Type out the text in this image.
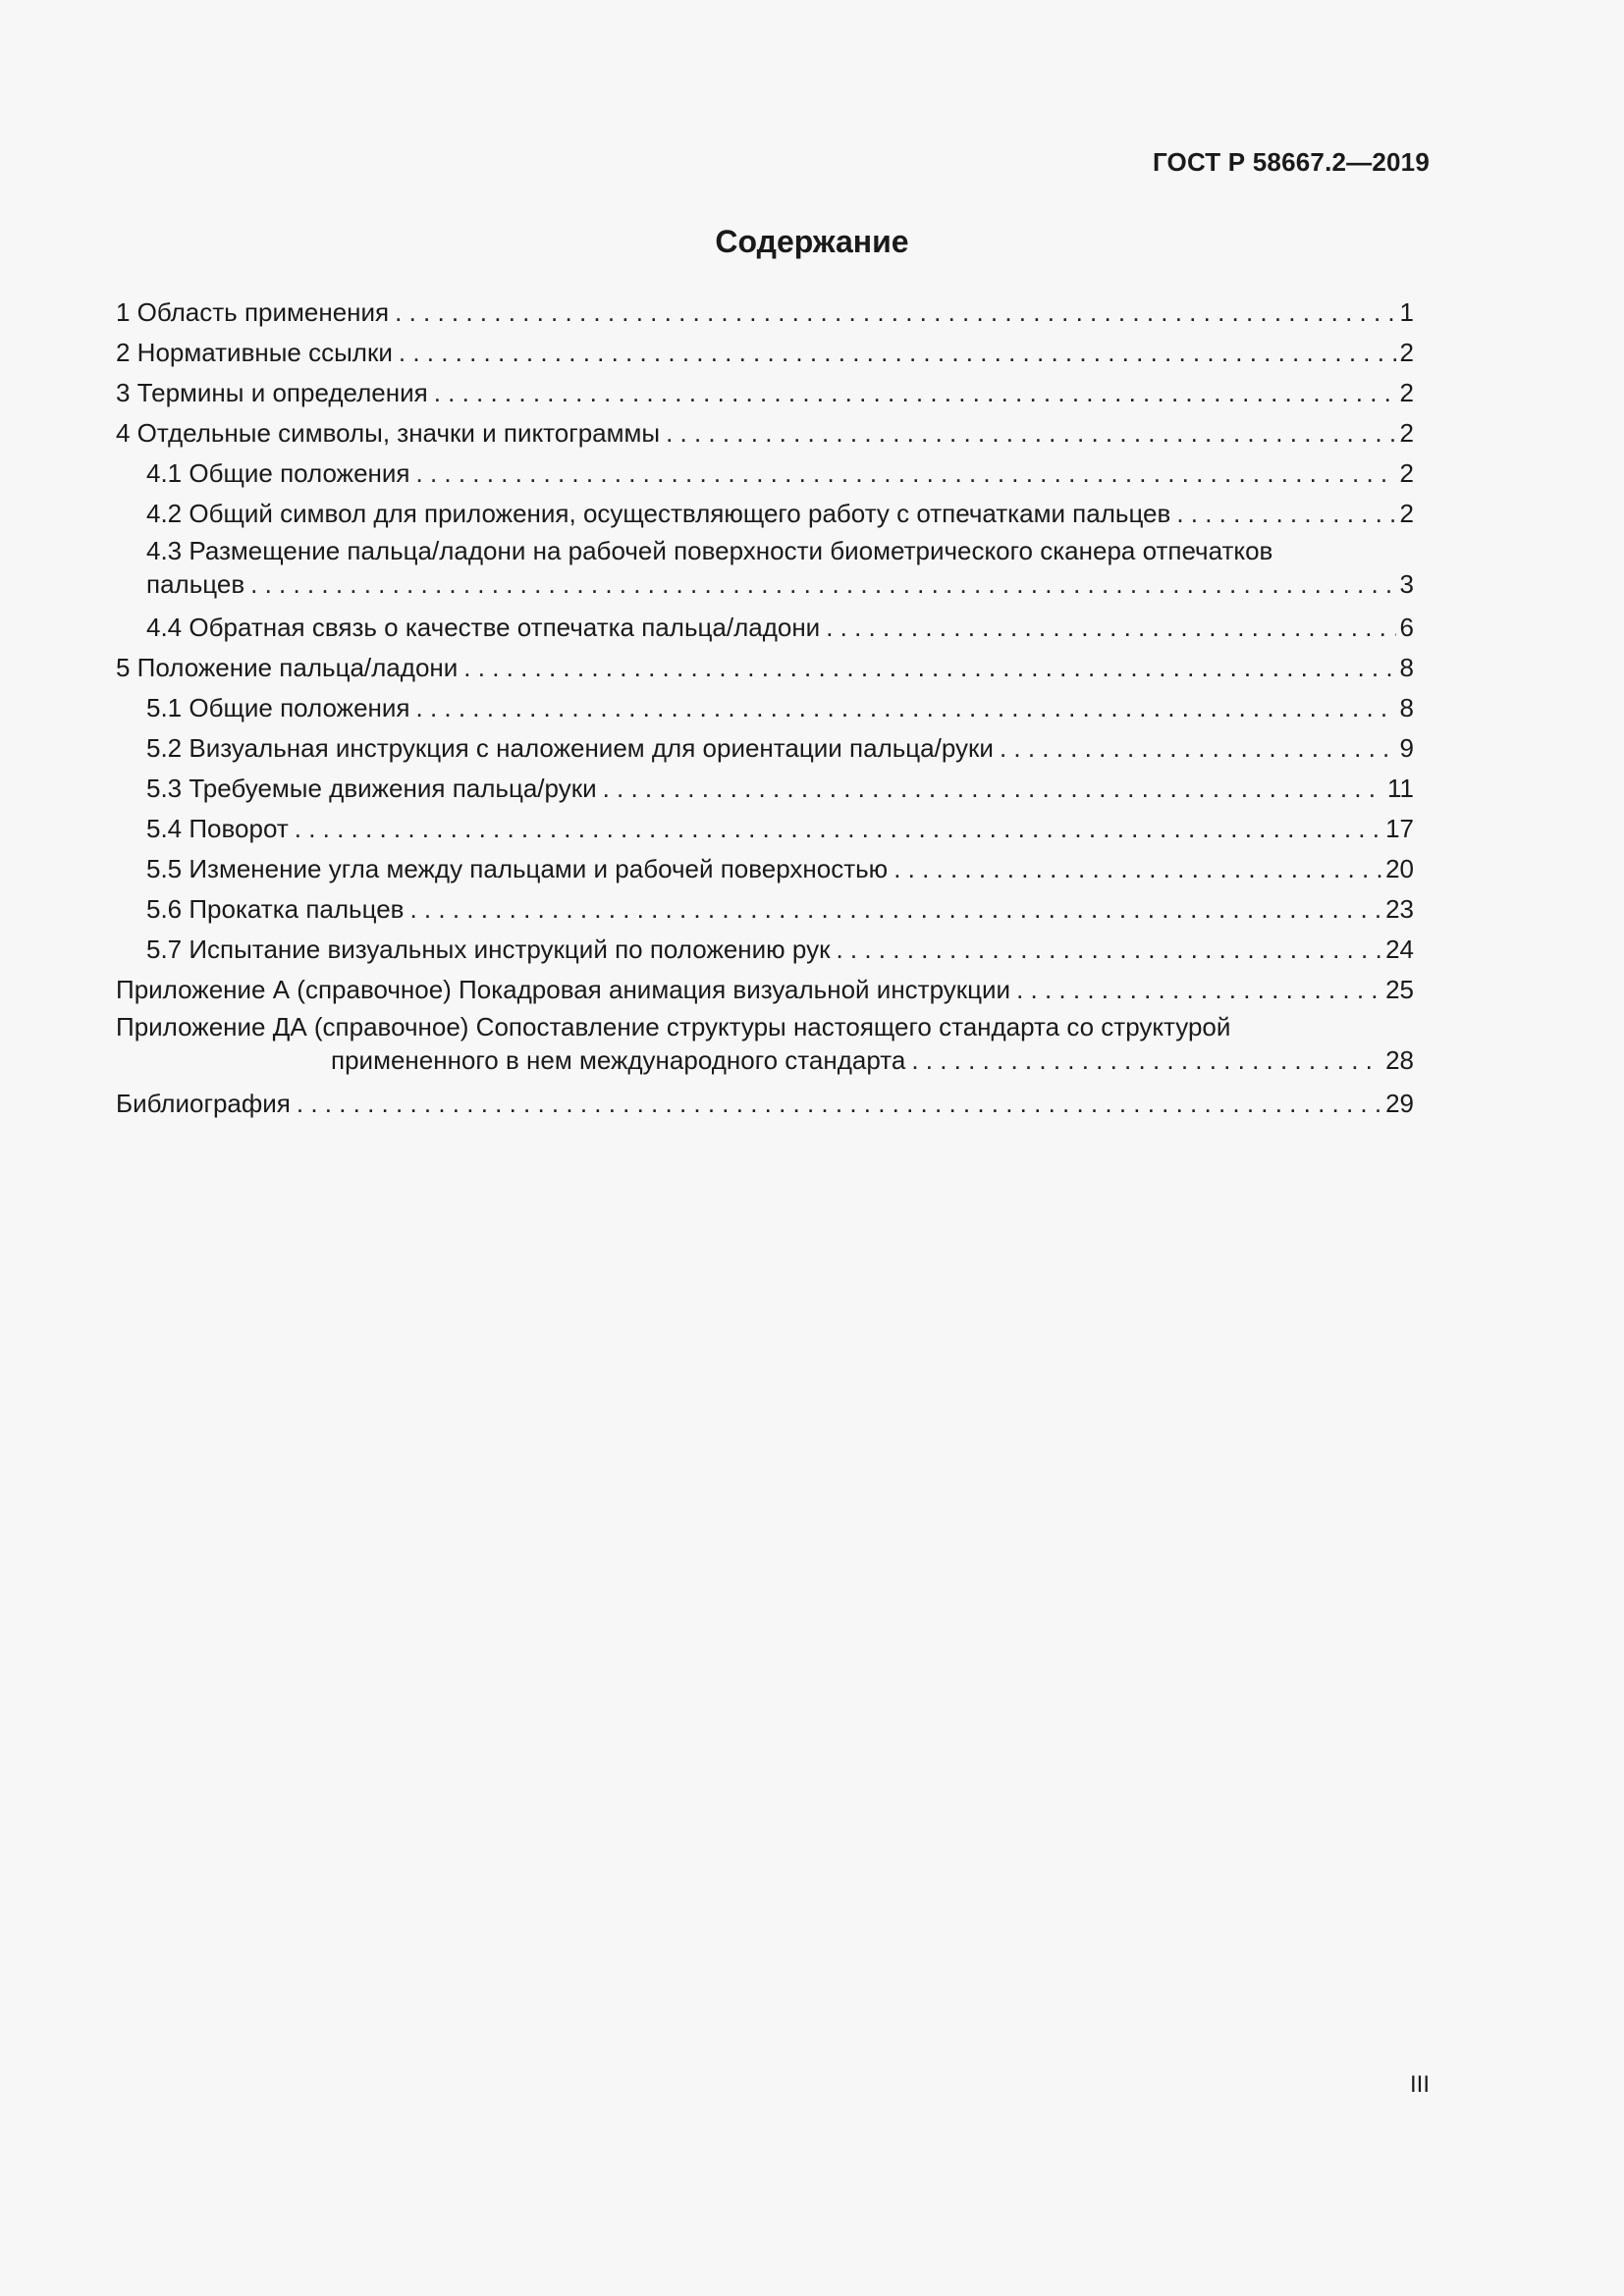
ГОСТ Р 58667.2—2019
Содержание
1 Область применения . . .	1
2 Нормативные ссылки . . .	2
3 Термины и определения . . .	2
4 Отдельные символы, значки и пиктограммы . . .	2
4.1 Общие положения . . .	2
4.2 Общий символ для приложения, осуществляющего работу с отпечатками пальцев . . .	2
4.3 Размещение пальца/ладони на рабочей поверхности биометрического сканера отпечатков
пальцев . . .	3
4.4 Обратная связь о качестве отпечатка пальца/ладони . . .	6
5 Положение пальца/ладони . . .	8
5.1 Общие положения . . .	8
5.2 Визуальная инструкция с наложением для ориентации пальца/руки . . .	9
5.3 Требуемые движения пальца/руки . . .	11
5.4 Поворот . . .	17
5.5 Изменение угла между пальцами и рабочей поверхностью . . .	20
5.6 Прокатка пальцев . . .	23
5.7 Испытание визуальных инструкций по положению рук . . .	24
Приложение А (справочное) Покадровая анимация визуальной инструкции . . .	25
Приложение ДА (справочное) Сопоставление структуры настоящего стандарта со структурой
примененного в нем международного стандарта . . .	28
Библиография . . .	29
III
